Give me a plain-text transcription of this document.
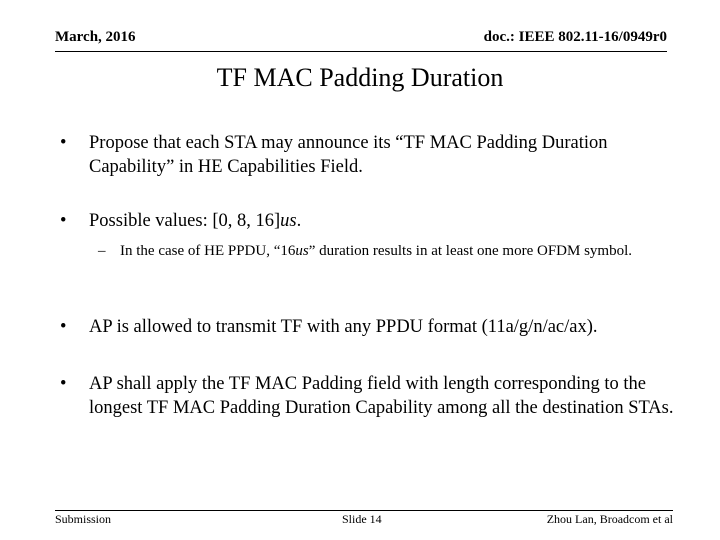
March, 2016	doc.: IEEE 802.11-16/0949r0
TF MAC Padding Duration
• Propose that each STA may announce its “TF MAC Padding Duration Capability” in HE Capabilities Field.
• Possible values: [0, 8, 16]us.
– In the case of HE PPDU, “16us” duration results in at least one more OFDM symbol.
• AP is allowed to transmit TF with any PPDU format (11a/g/n/ac/ax).
• AP shall apply the TF MAC Padding field with length corresponding to the longest TF MAC Padding Duration Capability among all the destination STAs.
Submission	Slide 14	Zhou Lan, Broadcom et al
